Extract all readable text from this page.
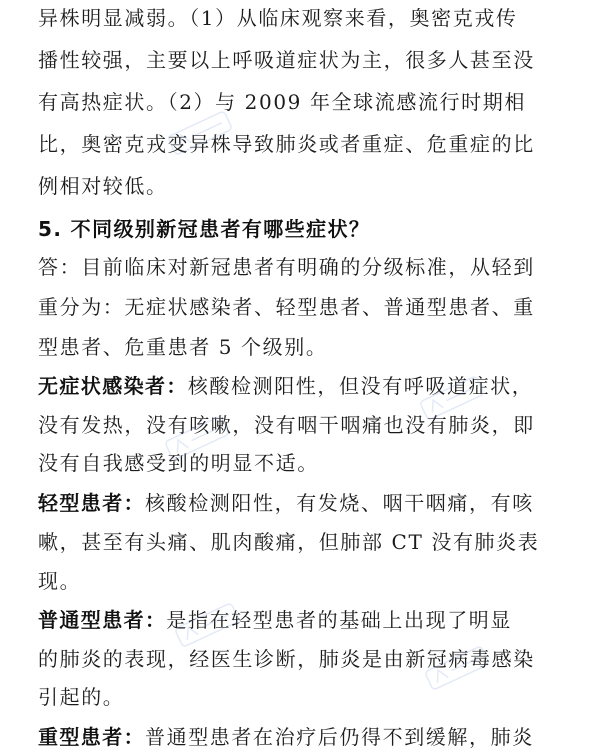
异株明显减弱。（1）从临床观察来看，奥密克戎传
播性较强，主要以上呼吸道症状为主，很多人甚至没
有高热症状。（2）与 2009 年全球流感流行时期相
比，奥密克戎变异株导致肺炎或者重症、危重症的比
例相对较低。
5. 不同级别新冠患者有哪些症状？
答：目前临床对新冠患者有明确的分级标准，从轻到
重分为：无症状感染者、轻型患者、普通型患者、重
型患者、危重患者 5 个级别。
无症状感染者：核酸检测阳性，但没有呼吸道症状，
没有发热，没有咳嗽，没有咽干咽痛也没有肺炎，即
没有自我感受到的明显不适。
轻型患者：核酸检测阳性，有发烧、咽干咽痛，有咳
嗽，甚至有头痛、肌肉酸痛，但肺部 CT 没有肺炎表
现。
普通型患者：是指在轻型患者的基础上出现了明显
的肺炎的表现，经医生诊断，肺炎是由新冠病毒感染
引起的。
重型患者：普通型患者在治疗后仍得不到缓解，肺炎
